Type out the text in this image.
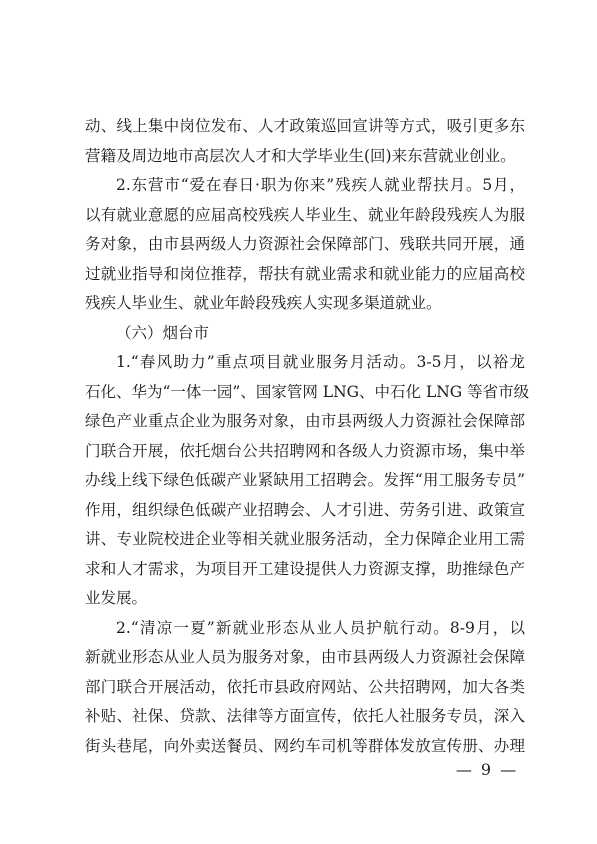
动、线上集中岗位发布、人才政策巡回宣讲等方式，吸引更多东
营籍及周边地市高层次人才和大学毕业生(回)来东营就业创业。
2.东营市“爱在春日·职为你来”残疾人就业帮扶月。5月，
以有就业意愿的应届高校残疾人毕业生、就业年龄段残疾人为服
务对象，由市县两级人力资源社会保障部门、残联共同开展，通
过就业指导和岗位推荐，帮扶有就业需求和就业能力的应届高校
残疾人毕业生、就业年龄段残疾人实现多渠道就业。
（六）烟台市
1.“春风助力”重点项目就业服务月活动。3-5月，以裕龙
石化、华为“一体一园”、国家管网 LNG、中石化 LNG 等省市级
绿色产业重点企业为服务对象，由市县两级人力资源社会保障部
门联合开展，依托烟台公共招聘网和各级人力资源市场，集中举
办线上线下绿色低碳产业紧缺用工招聘会。发挥“用工服务专员”
作用，组织绿色低碳产业招聘会、人才引进、劳务引进、政策宣
讲、专业院校进企业等相关就业服务活动，全力保障企业用工需
求和人才需求，为项目开工建设提供人力资源支撑，助推绿色产
业发展。
2.“清凉一夏”新就业形态从业人员护航行动。8-9月，以
新就业形态从业人员为服务对象，由市县两级人力资源社会保障
部门联合开展活动，依托市县政府网站、公共招聘网，加大各类
补贴、社保、贷款、法律等方面宣传，依托人社服务专员，深入
街头巷尾，向外卖送餐员、网约车司机等群体发放宣传册、办理
— 9 —
